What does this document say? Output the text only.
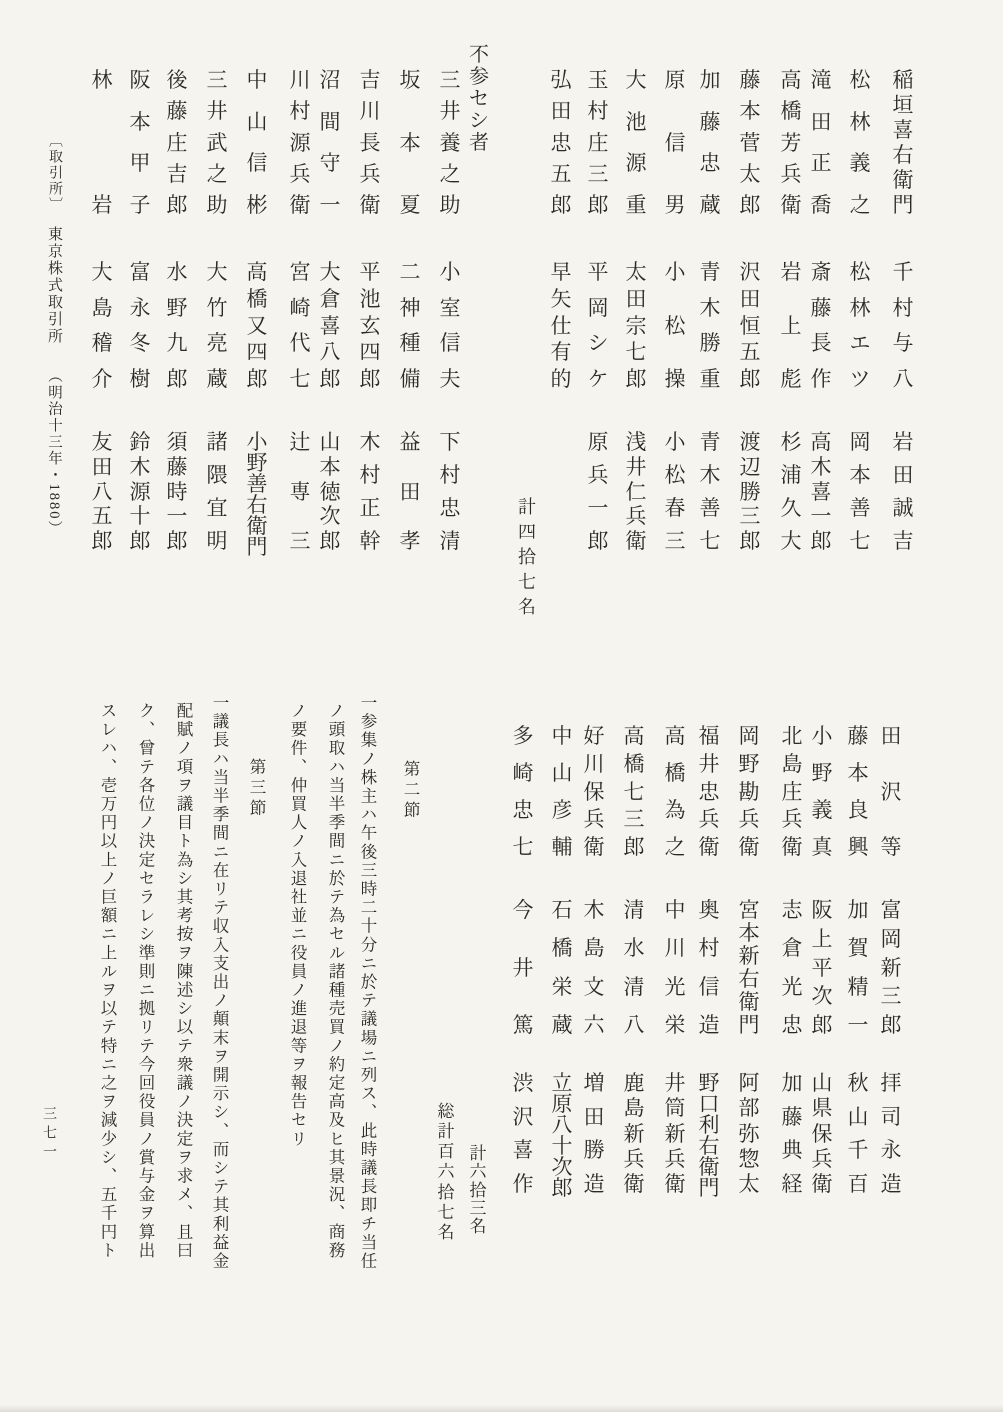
稲
垣
喜
右
衛
門
千
村
与
八
岩
田
誠
吉
松
林
義
之
松
林
エ
ツ
岡
本
善
七
滝
田
正
喬
斎
藤
長
作
高
木
喜
一
郎
高
橋
芳
兵
衛
岩
上
彪
杉
浦
久
大
藤
本
菅
太
郎
沢
田
恒
五
郎
渡
辺
勝
三
郎
加
藤
忠
蔵
青
木
勝
重
青
木
善
七
原
信
男
小
松
操
小
松
春
三
大
池
源
重
太
田
宗
七
郎
浅
井
仁
兵
衛
玉
村
庄
三
郎
平
岡
シ
ケ
原
兵
一
郎
弘
田
忠
五
郎
早
矢
仕
有
的
計
四
拾
七
名
不
参
セ
シ
者
三
井
養
之
助
小
室
信
夫
下
村
忠
清
坂
本
夏
二
神
種
備
益
田
孝
吉
川
長
兵
衛
平
池
玄
四
郎
木
村
正
幹
沼
間
守
一
大
倉
喜
八
郎
山
本
徳
次
郎
川
村
源
兵
衛
宮
崎
代
七
辻
専
三
中
山
信
彬
高
橋
又
四
郎
小
野
善
右
衛
門
三
井
武
之
助
大
竹
亮
蔵
諸
隈
宜
明
後
藤
庄
吉
郎
水
野
九
郎
須
藤
時
一
郎
阪
本
甲
子
富
永
冬
樹
鈴
木
源
十
郎
林
岩
大
島
稽
介
友
田
八
五
郎
田
沢
等
富
岡
新
三
郎
拝
司
永
造
藤
本
良
興
加
賀
精
一
秋
山
千
百
小
野
義
真
阪
上
平
次
郎
山
県
保
兵
衛
北
島
庄
兵
衛
志
倉
光
忠
加
藤
典
経
岡
野
勘
兵
衛
宮
本
新
右
衛
門
阿
部
弥
惣
太
福
井
忠
兵
衛
奥
村
信
造
野
口
利
右
衛
門
高
橋
為
之
中
川
光
栄
井
筒
新
兵
衛
高
橋
七
三
郎
清
水
清
八
鹿
島
新
兵
衛
好
川
保
兵
衛
木
島
文
六
増
田
勝
造
中
山
彦
輔
石
橋
栄
蔵
立
原
八
十
次
郎
多
崎
忠
七
今
井
篤
渋
沢
喜
作
計
六
拾
三
名
総
計
百
六
拾
七
名
第二節
一参集ノ株主ハ午後三時二十分ニ於テ議場ニ列ス、此時議長即チ当任
ノ頭取ハ当半季間ニ於テ為セル諸種売買ノ約定高及ヒ其景況、商務
ノ要件、仲買人ノ入退社並ニ役員ノ進退等ヲ報告セリ
第三節
一議長ハ当半季間ニ在リテ収入支出ノ顛末ヲ開示シ、而シテ其利益金
配賦ノ項ヲ議目ト為シ其考按ヲ陳述シ以テ衆議ノ決定ヲ求メ、且曰
ク、曾テ各位ノ決定セラレシ準則ニ拠リテ今回役員ノ賞与金ヲ算出
スレハ、壱万円以上ノ巨額ニ上ルヲ以テ特ニ之ヲ減少シ、五千円ト
〔取引所〕
東京株式取引所
（明治十三年・1880）
三七一
